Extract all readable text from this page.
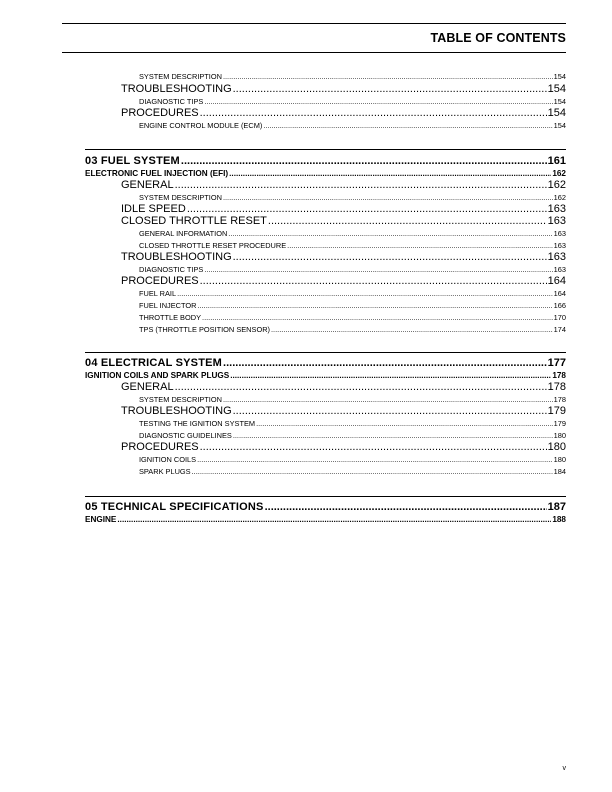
TABLE OF CONTENTS
SYSTEM DESCRIPTION .....	154
TROUBLESHOOTING .....	154
DIAGNOSTIC TIPS .....	154
PROCEDURES .....	154
ENGINE CONTROL MODULE (ECM) .....	154
03 FUEL SYSTEM .....	161
ELECTRONIC FUEL INJECTION (EFI) .....	162
GENERAL .....	162
SYSTEM DESCRIPTION .....	162
IDLE SPEED .....	163
CLOSED THROTTLE RESET .....	163
GENERAL INFORMATION .....	163
CLOSED THROTTLE RESET PROCEDURE .....	163
TROUBLESHOOTING .....	163
DIAGNOSTIC TIPS .....	163
PROCEDURES .....	164
FUEL RAIL .....	164
FUEL INJECTOR .....	166
THROTTLE BODY .....	170
TPS (THROTTLE POSITION SENSOR) .....	174
04 ELECTRICAL SYSTEM .....	177
IGNITION COILS AND SPARK PLUGS .....	178
GENERAL .....	178
SYSTEM DESCRIPTION .....	178
TROUBLESHOOTING .....	179
TESTING THE IGNITION SYSTEM .....	179
DIAGNOSTIC GUIDELINES .....	180
PROCEDURES .....	180
IGNITION COILS .....	180
SPARK PLUGS .....	184
05 TECHNICAL SPECIFICATIONS .....	187
ENGINE .....	188
v
